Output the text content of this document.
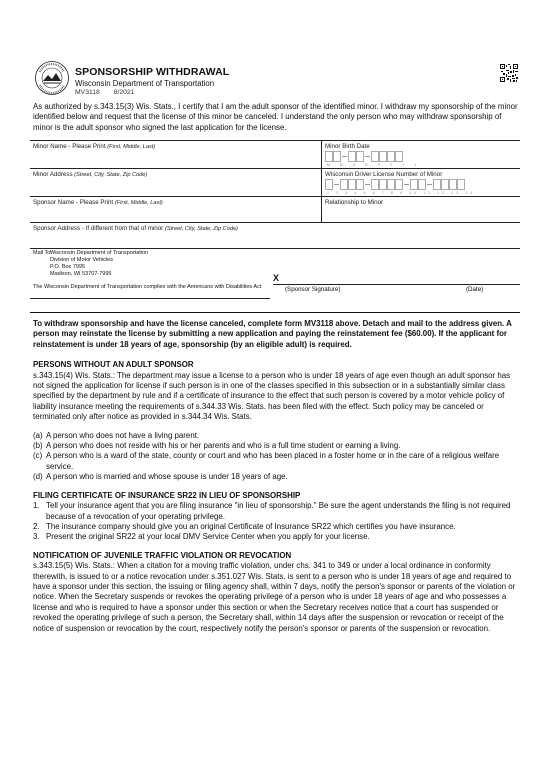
SPONSORSHIP WITHDRAWAL
Wisconsin Department of Transportation
MV3118 8/2021

As authorized by s.343.15(3) Wis. Stats., I certify that I am the adult sponsor of the identified minor. I withdraw my sponsorship of the minor identified below and request that the license of this minor be canceled. I understand the only person who may withdraw sponsorship of minor is the adult sponsor who signed the last application for the license.

Minor Name - Please Print (First, Middle, Last)	Minor Birth Date
M M D D Y Y Y Y
Minor Address (Street, City, State, Zip Code)	Wisconsin Driver License Number of Minor
1 2 3 4 5 6 7 8 9 10 11 12 13 14
Sponsor Name - Please Print (First, Middle, Last)	Relationship to Minor
Sponsor Address - If different from that of minor (Street, City, State, Zip Code)
Mail To:
Wisconsin Department of Transportation
Division of Motor Vehicles
P.O. Box 7995
Madison, WI 53707-7995
The Wisconsin Department of Transportation complies with the Americans with Disabilities Act
X
(Sponsor Signature)	(Date)

To withdraw sponsorship and have the license canceled, complete form MV3118 above. Detach and mail to the address given. A person may reinstate the license by submitting a new application and paying the reinstatement fee ($60.00). If the applicant for reinstatement is under 18 years of age, sponsorship (by an eligible adult) is required.

PERSONS WITHOUT AN ADULT SPONSOR

s.343.15(4) Wis. Stats.: The department may issue a license to a person who is under 18 years of age even though an adult sponsor has not signed the application for license if such person is in one of the classes specified in this subsection or in a substantially similar class specified by the department by rule and if a certificate of insurance to the effect that such person is covered by a motor vehicle policy of liability insurance meeting the requirements of s.344.33 Wis. Stats. has been filed with the effect. Such policy may be canceled or terminated only after notice as provided in s.344.34 Wis. Stats.

(a) A person who does not have a living parent.
(b) A person who does not reside with his or her parents and who is a full time student or earning a living.
(c) A person who is a ward of the state, county or court and who has been placed in a foster home or in the care of a religious welfare service.
(d) A person who is married and whose spouse is under 18 years of age.

FILING CERTIFICATE OF INSURANCE SR22 IN LIEU OF SPONSORSHIP

1. Tell your insurance agent that you are filing insurance "in lieu of sponsorship." Be sure the agent understands the filing is not required because of a revocation of your operating privilege.
2. The insurance company should give you an original Certificate of Insurance SR22 which certifies you have insurance.
3. Present the original SR22 at your local DMV Service Center when you apply for your license.

NOTIFICATION OF JUVENILE TRAFFIC VIOLATION OR REVOCATION

s.343.15(5) Wis. Stats.: When a citation for a moving traffic violation, under chs. 341 to 349 or under a local ordinance in conformity therewith, is issued to or a notice revocation under s.351.027 Wis. Stats. is sent to a person who is under 18 years of age and required to have a sponsor under this section, the issuing or filing agency shall, within 7 days, notify the person's sponsor or parents of the violation or notice. When the Secretary suspends or revokes the operating privilege of a person who is under 18 years of age and who possesses a license and who is required to have a sponsor under this section or when the Secretary receives notice that a court has suspended or revoked the operating privilege of such a person, the Secretary shall, within 14 days after the suspension or revocation or receipt of the notice of suspension or revocation by the court, respectively notify the person's sponsor or parents of the suspension or revocation.
